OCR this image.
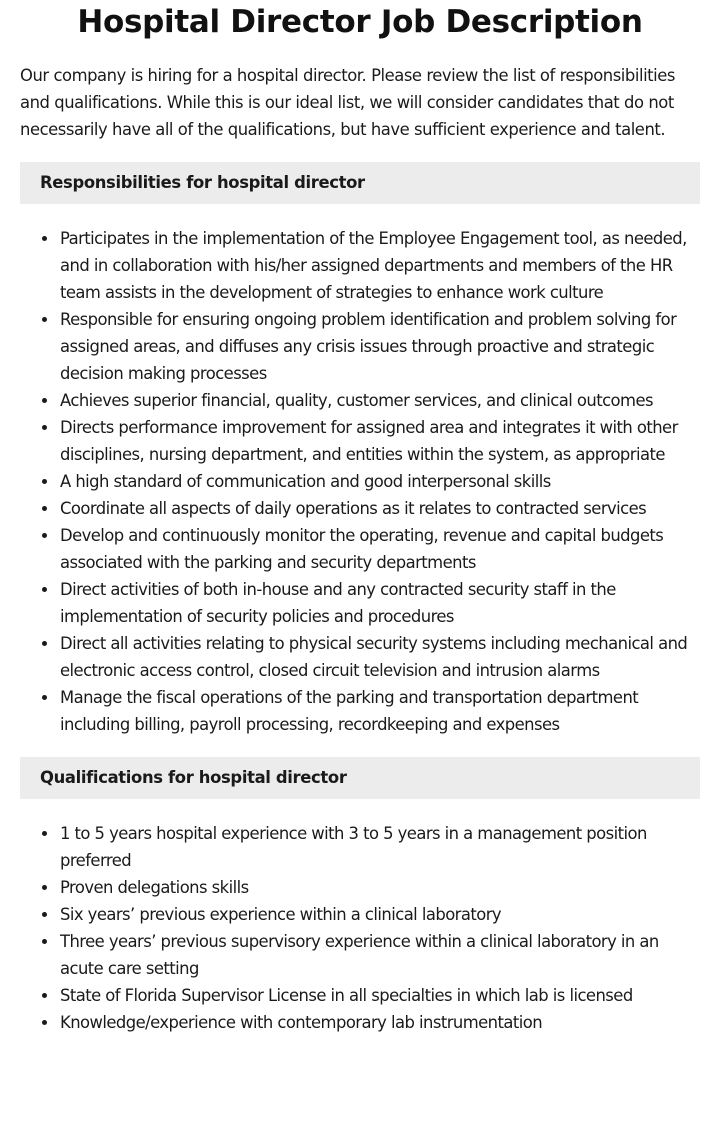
Hospital Director Job Description

Our company is hiring for a hospital director. Please review the list of responsibilities and qualifications. While this is our ideal list, we will consider candidates that do not necessarily have all of the qualifications, but have sufficient experience and talent.

Responsibilities for hospital director
Participates in the implementation of the Employee Engagement tool, as needed, and in collaboration with his/her assigned departments and members of the HR team assists in the development of strategies to enhance work culture
Responsible for ensuring ongoing problem identification and problem solving for assigned areas, and diffuses any crisis issues through proactive and strategic decision making processes
Achieves superior financial, quality, customer services, and clinical outcomes
Directs performance improvement for assigned area and integrates it with other disciplines, nursing department, and entities within the system, as appropriate
A high standard of communication and good interpersonal skills
Coordinate all aspects of daily operations as it relates to contracted services
Develop and continuously monitor the operating, revenue and capital budgets associated with the parking and security departments
Direct activities of both in-house and any contracted security staff in the implementation of security policies and procedures
Direct all activities relating to physical security systems including mechanical and electronic access control, closed circuit television and intrusion alarms
Manage the fiscal operations of the parking and transportation department including billing, payroll processing, recordkeeping and expenses
Qualifications for hospital director
1 to 5 years hospital experience with 3 to 5 years in a management position preferred
Proven delegations skills
Six years’ previous experience within a clinical laboratory
Three years’ previous supervisory experience within a clinical laboratory in an acute care setting
State of Florida Supervisor License in all specialties in which lab is licensed
Knowledge/experience with contemporary lab instrumentation
